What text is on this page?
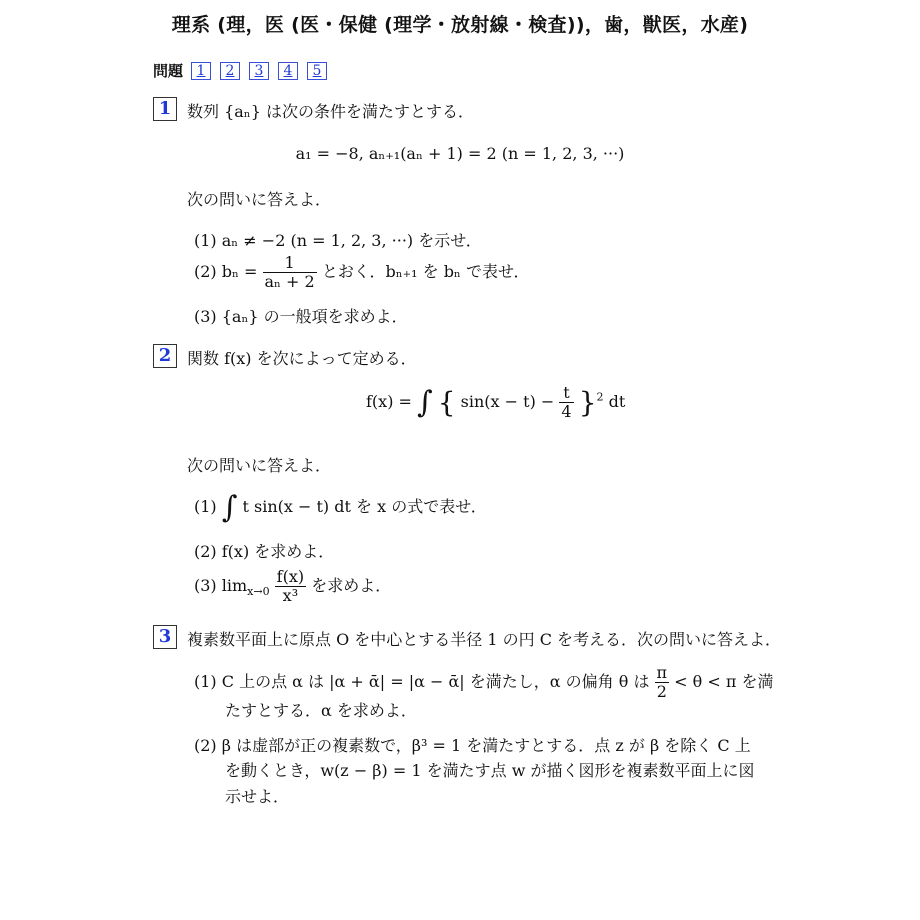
理系 (理，医 (医・保健 (理学・放射線・検査))，歯，獣医，水産)
問題 1	2	3	4	5
1 数列 {aₙ} は次の条件を満たすとする．
a₁ = −8, aₙ₊₁(aₙ + 1) = 2 (n = 1, 2, 3, ···)
次の問いに答えよ．
(1) aₙ ≠ −2 (n = 1, 2, 3, ···) を示せ．
(2) $b_n = \frac{1}{\text{aₙ + 2}}$ とおく．bₙ₊₁ を bₙ で表せ．
(3) {aₙ} の一般項を求めよ．
2 関数 f(x) を次によって定める．
f(x) = ∫ { $\sin(x - t) - \frac{t}{4} \}^2$ dt
次の問いに答えよ．
(1) ∫ t sin(x − t) dt を x の式で表せ．
(2) f(x) を求めよ．
(3) $\lim_{x\to 0} \frac{f(x)}{\text{x³}}$ を求めよ．
3 複素数平面上に原点 O を中心とする半径 1 の円 C を考える．次の問いに答えよ．
(1) C 上の点 α は |α + ᾱ| = |α − ᾱ| を満たし，α の偏角 θ は $\frac{\pi}{2} < \theta < \pi$ を満
たすとする．α を求めよ．
(2) β は虚部が正の複素数で，β³ = 1 を満たすとする．点 z が β を除く C 上
を動くとき，w(z − β) = 1 を満たす点 w が描く図形を複素数平面上に図
示せよ．
